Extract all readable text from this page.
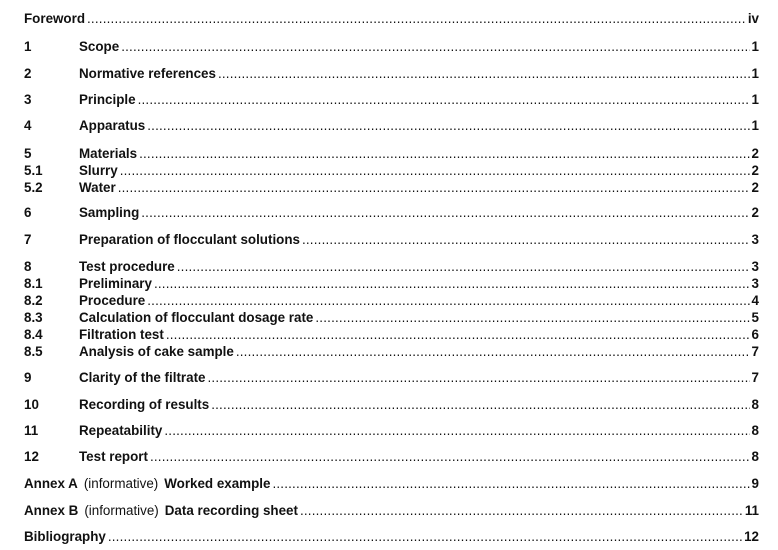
Foreword .....	iv
1	Scope .....	1
2	Normative references .....	1
3	Principle .....	1
4	Apparatus .....	1
5	Materials .....	2
5.1	Slurry .....	2
5.2	Water .....	2
6	Sampling .....	2
7	Preparation of flocculant solutions .....	3
8	Test procedure .....	3
8.1	Preliminary .....	3
8.2	Procedure .....	4
8.3	Calculation of flocculant dosage rate .....	5
8.4	Filtration test .....	6
8.5	Analysis of cake sample .....	7
9	Clarity of the filtrate .....	7
10	Recording of results .....	8
11	Repeatability .....	8
12	Test report .....	8
Annex A (informative) Worked example .....	9
Annex B (informative) Data recording sheet .....	11
Bibliography .....	12
